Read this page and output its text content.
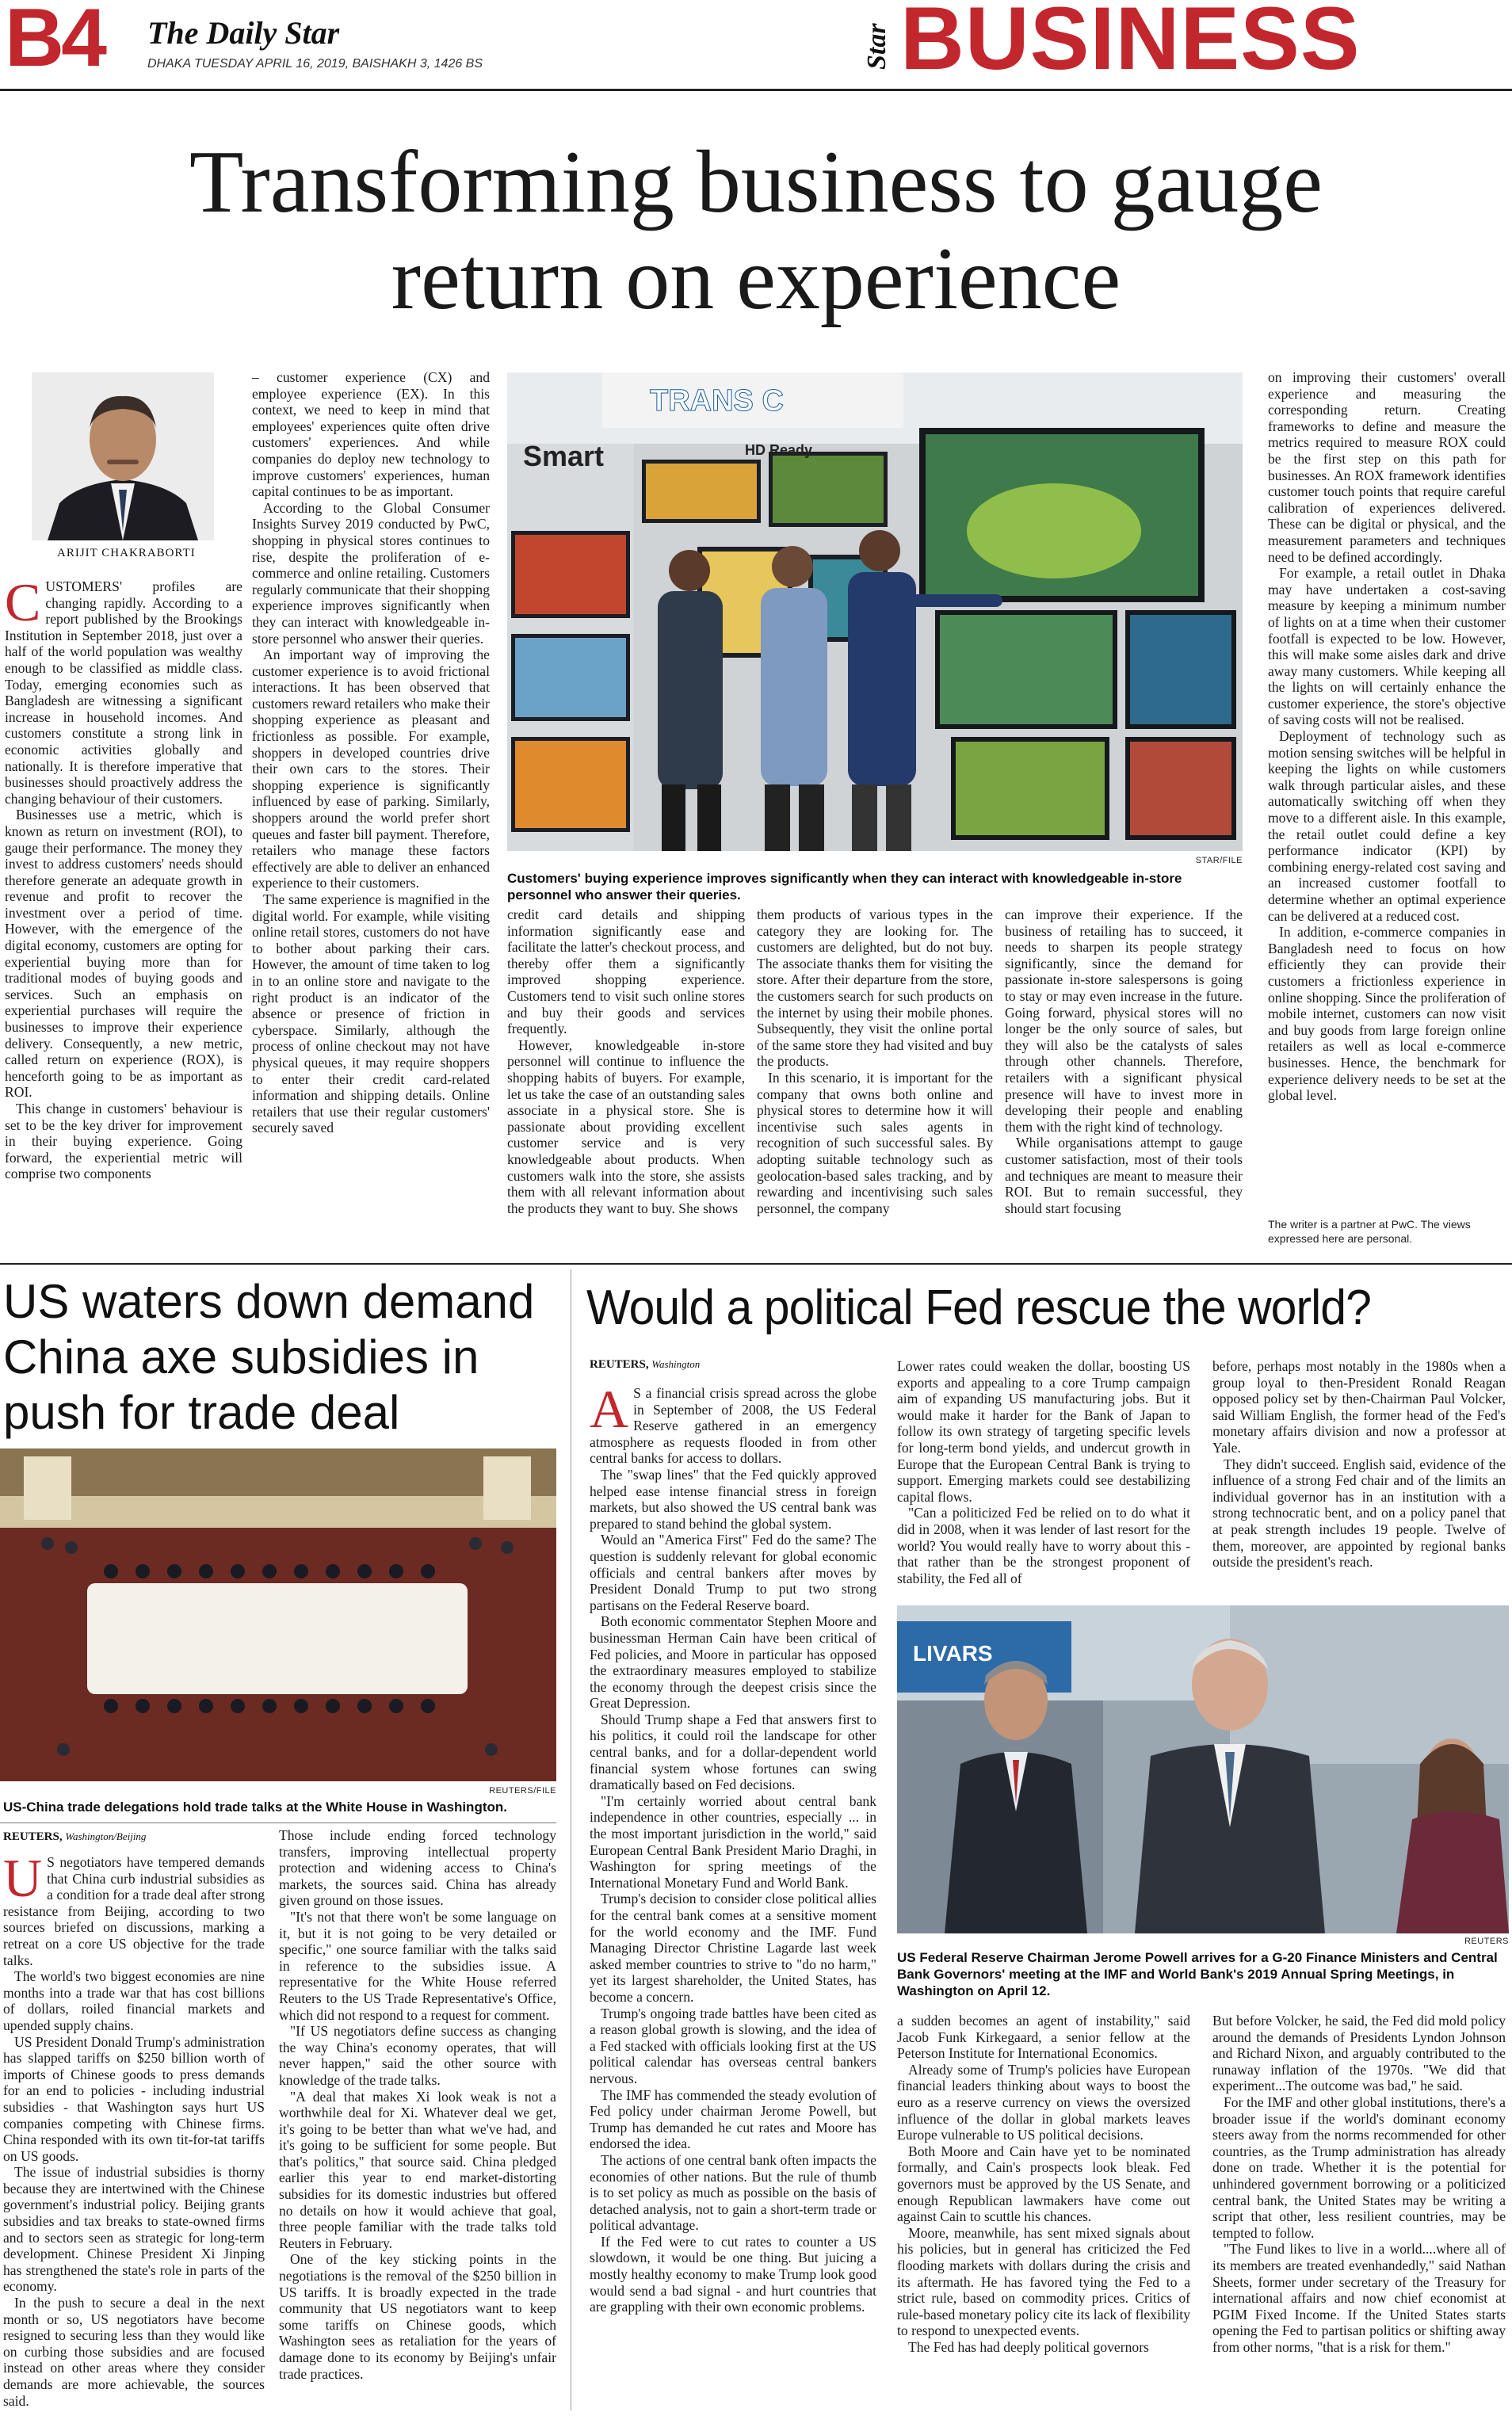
B4 The Daily Star
DHAKA TUESDAY APRIL 16, 2019, BAISHAKH 3, 1426 BS	Star BUSINESS
Transforming business to gauge
return on experience
ARIJIT CHAKRABORTI

CUSTOMERS' profiles are changing rapidly. According to a report published by the Brookings Institution in September 2018, just over a half of the world population was wealthy enough to be classified as middle class. Today, emerging economies such as Bangladesh are witnessing a significant increase in household incomes. And customers constitute a strong link in economic activities globally and nationally. It is therefore imperative that businesses should proactively address the changing behaviour of their customers.

Businesses use a metric, which is known as return on investment (ROI), to gauge their performance. The money they invest to address customers' needs should therefore generate an adequate growth in revenue and profit to recover the investment over a period of time. However, with the emergence of the digital economy, customers are opting for experiential buying more than for traditional modes of buying goods and services. Such an emphasis on experiential purchases will require the businesses to improve their experience delivery. Consequently, a new metric, called return on experience (ROX), is henceforth going to be as important as ROI.

This change in customers' behaviour is set to be the key driver for improvement in their buying experience. Going forward, the experiential metric will comprise two components

– customer experience (CX) and employee experience (EX). In this context, we need to keep in mind that employees' experiences quite often drive customers' experiences. And while companies do deploy new technology to improve customers' experiences, human capital continues to be as important.

According to the Global Consumer Insights Survey 2019 conducted by PwC, shopping in physical stores continues to rise, despite the proliferation of e-commerce and online retailing. Customers regularly communicate that their shopping experience improves significantly when they can interact with knowledgeable in-store personnel who answer their queries.

An important way of improving the customer experience is to avoid frictional interactions. It has been observed that customers reward retailers who make their shopping experience as pleasant and frictionless as possible. For example, shoppers in developed countries drive their own cars to the stores. Their shopping experience is significantly influenced by ease of parking. Similarly, shoppers around the world prefer short queues and faster bill payment. Therefore, retailers who manage these factors effectively are able to deliver an enhanced experience to their customers.

The same experience is magnified in the digital world. For example, while visiting online retail stores, customers do not have to bother about parking their cars. However, the amount of time taken to log in to an online store and navigate to the right product is an indicator of the absence or presence of friction in cyberspace. Similarly, although the process of online checkout may not have physical queues, it may require shoppers to enter their credit card-related information and shipping details. Online retailers that use their regular customers' securely saved

Smart
TRANS C
HD Ready
STAR/FILE
Customers' buying experience improves significantly when they can interact with knowledgeable in-store personnel who answer their queries.

credit card details and shipping information significantly ease and facilitate the latter's checkout process, and thereby offer them a significantly improved shopping experience. Customers tend to visit such online stores and buy their goods and services frequently.

However, knowledgeable in-store personnel will continue to influence the shopping habits of buyers. For example, let us take the case of an outstanding sales associate in a physical store. She is passionate about providing excellent customer service and is very knowledgeable about products. When customers walk into the store, she assists them with all relevant information about the products they want to buy. She shows

them products of various types in the category they are looking for. The customers are delighted, but do not buy. The associate thanks them for visiting the store. After their departure from the store, the customers search for such products on the internet by using their mobile phones. Subsequently, they visit the online portal of the same store they had visited and buy the products.

In this scenario, it is important for the company that owns both online and physical stores to determine how it will incentivise such sales agents in recognition of such successful sales. By adopting suitable technology such as geolocation-based sales tracking, and by rewarding and incentivising such sales personnel, the company

can improve their experience. If the business of retailing has to succeed, it needs to sharpen its people strategy significantly, since the demand for passionate in-store salespersons is going to stay or may even increase in the future. Going forward, physical stores will no longer be the only source of sales, but they will also be the catalysts of sales through other channels. Therefore, retailers with a significant physical presence will have to invest more in developing their people and enabling them with the right kind of technology.

While organisations attempt to gauge customer satisfaction, most of their tools and techniques are meant to measure their ROI. But to remain successful, they should start focusing

on improving their customers' overall experience and measuring the corresponding return. Creating frameworks to define and measure the metrics required to measure ROX could be the first step on this path for businesses. An ROX framework identifies customer touch points that require careful calibration of experiences delivered. These can be digital or physical, and the measurement parameters and techniques need to be defined accordingly.

For example, a retail outlet in Dhaka may have undertaken a cost-saving measure by keeping a minimum number of lights on at a time when their customer footfall is expected to be low. However, this will make some aisles dark and drive away many customers. While keeping all the lights on will certainly enhance the customer experience, the store's objective of saving costs will not be realised.

Deployment of technology such as motion sensing switches will be helpful in keeping the lights on while customers walk through particular aisles, and these automatically switching off when they move to a different aisle. In this example, the retail outlet could define a key performance indicator (KPI) by combining energy-related cost saving and an increased customer footfall to determine whether an optimal experience can be delivered at a reduced cost.

In addition, e-commerce companies in Bangladesh need to focus on how efficiently they can provide their customers a frictionless experience in online shopping. Since the proliferation of mobile internet, customers can now visit and buy goods from large foreign online retailers as well as local e-commerce businesses. Hence, the benchmark for experience delivery needs to be set at the global level.

The writer is a partner at PwC. The views expressed here are personal.
US waters down demand China axe subsidies in push for trade deal
REUTERS/FILE
US-China trade delegations hold trade talks at the White House in Washington.
REUTERS, Washington/Beijing

U S negotiators have tempered demands that China curb industrial subsidies as a condition for a trade deal after strong resistance from Beijing, according to two sources briefed on discussions, marking a retreat on a core US objective for the trade talks.

The world's two biggest economies are nine months into a trade war that has cost billions of dollars, roiled financial markets and upended supply chains.

US President Donald Trump's administration has slapped tariffs on $250 billion worth of imports of Chinese goods to press demands for an end to policies - including industrial subsidies - that Washington says hurt US companies competing with Chinese firms. China responded with its own tit-for-tat tariffs on US goods.

The issue of industrial subsidies is thorny because they are intertwined with the Chinese government's industrial policy. Beijing grants subsidies and tax breaks to state-owned firms and to sectors seen as strategic for long-term development. Chinese President Xi Jinping has strengthened the state's role in parts of the economy.

In the push to secure a deal in the next month or so, US negotiators have become resigned to securing less than they would like on curbing those subsidies and are focused instead on other areas where they consider demands are more achievable, the sources said.

Those include ending forced technology transfers, improving intellectual property protection and widening access to China's markets, the sources said. China has already given ground on those issues.

"It's not that there won't be some language on it, but it is not going to be very detailed or specific," one source familiar with the talks said in reference to the subsidies issue. A representative for the White House referred Reuters to the US Trade Representative's Office, which did not respond to a request for comment.

"If US negotiators define success as changing the way China's economy operates, that will never happen," said the other source with knowledge of the trade talks.

"A deal that makes Xi look weak is not a worthwhile deal for Xi. Whatever deal we get, it's going to be better than what we've had, and it's going to be sufficient for some people. But that's politics," that source said. China pledged earlier this year to end market-distorting subsidies for its domestic industries but offered no details on how it would achieve that goal, three people familiar with the trade talks told Reuters in February.

One of the key sticking points in the negotiations is the removal of the $250 billion in US tariffs. It is broadly expected in the trade community that US negotiators want to keep some tariffs on Chinese goods, which Washington sees as retaliation for the years of damage done to its economy by Beijing's unfair trade practices.

Would a political Fed rescue the world?
REUTERS, Washington

A S a financial crisis spread across the globe in September of 2008, the US Federal Reserve gathered in an emergency atmosphere as requests flooded in from other central banks for access to dollars.

The "swap lines" that the Fed quickly approved helped ease intense financial stress in foreign markets, but also showed the US central bank was prepared to stand behind the global system.

Would an "America First" Fed do the same? The question is suddenly relevant for global economic officials and central bankers after moves by President Donald Trump to put two strong partisans on the Federal Reserve board.

Both economic commentator Stephen Moore and businessman Herman Cain have been critical of Fed policies, and Moore in particular has opposed the extraordinary measures employed to stabilize the economy through the deepest crisis since the Great Depression.

Should Trump shape a Fed that answers first to his politics, it could roil the landscape for other central banks, and for a dollar-dependent world financial system whose fortunes can swing dramatically based on Fed decisions.

"I'm certainly worried about central bank independence in other countries, especially ... in the most important jurisdiction in the world," said European Central Bank President Mario Draghi, in Washington for spring meetings of the International Monetary Fund and World Bank.

Trump's decision to consider close political allies for the central bank comes at a sensitive moment for the world economy and the IMF. Fund Managing Director Christine Lagarde last week asked member countries to strive to "do no harm," yet its largest shareholder, the United States, has become a concern.

Trump's ongoing trade battles have been cited as a reason global growth is slowing, and the idea of a Fed stacked with officials looking first at the US political calendar has overseas central bankers nervous.

The IMF has commended the steady evolution of Fed policy under chairman Jerome Powell, but Trump has demanded he cut rates and Moore has endorsed the idea.

The actions of one central bank often impacts the economies of other nations. But the rule of thumb is to set policy as much as possible on the basis of detached analysis, not to gain a short-term trade or political advantage.

If the Fed were to cut rates to counter a US slowdown, it would be one thing. But juicing a mostly healthy economy to make Trump look good would send a bad signal - and hurt countries that are grappling with their own economic problems.

Lower rates could weaken the dollar, boosting US exports and appealing to a core Trump campaign aim of expanding US manufacturing jobs. But it would make it harder for the Bank of Japan to follow its own strategy of targeting specific levels for long-term bond yields, and undercut growth in Europe that the European Central Bank is trying to support. Emerging markets could see destabilizing capital flows.

"Can a politicized Fed be relied on to do what it did in 2008, when it was lender of last resort for the world? You would really have to worry about this - that rather than be the strongest proponent of stability, the Fed all of

before, perhaps most notably in the 1980s when a group loyal to then-President Ronald Reagan opposed policy set by then-Chairman Paul Volcker, said William English, the former head of the Fed's monetary affairs division and now a professor at Yale.

They didn't succeed. English said, evidence of the influence of a strong Fed chair and of the limits an individual governor has in an institution with a strong technocratic bent, and on a policy panel that at peak strength includes 19 people. Twelve of them, moreover, are appointed by regional banks outside the president's reach.

LIVARS
REUTERS
US Federal Reserve Chairman Jerome Powell arrives for a G-20 Finance Ministers and Central Bank Governors' meeting at the IMF and World Bank's 2019 Annual Spring Meetings, in Washington on April 12.

a sudden becomes an agent of instability," said Jacob Funk Kirkegaard, a senior fellow at the Peterson Institute for International Economics.

Already some of Trump's policies have European financial leaders thinking about ways to boost the euro as a reserve currency on views the oversized influence of the dollar in global markets leaves Europe vulnerable to US political decisions.

Both Moore and Cain have yet to be nominated formally, and Cain's prospects look bleak. Fed governors must be approved by the US Senate, and enough Republican lawmakers have come out against Cain to scuttle his chances.

Moore, meanwhile, has sent mixed signals about his policies, but in general has criticized the Fed flooding markets with dollars during the crisis and its aftermath. He has favored tying the Fed to a strict rule, based on commodity prices. Critics of rule-based monetary policy cite its lack of flexibility to respond to unexpected events.

The Fed has had deeply political governors

But before Volcker, he said, the Fed did mold policy around the demands of Presidents Lyndon Johnson and Richard Nixon, and arguably contributed to the runaway inflation of the 1970s. "We did that experiment...The outcome was bad," he said.

For the IMF and other global institutions, there's a broader issue if the world's dominant economy steers away from the norms recommended for other countries, as the Trump administration has already done on trade. Whether it is the potential for unhindered government borrowing or a politicized central bank, the United States may be writing a script that other, less resilient countries, may be tempted to follow.

"The Fund likes to live in a world....where all of its members are treated evenhandedly," said Nathan Sheets, former under secretary of the Treasury for international affairs and now chief economist at PGIM Fixed Income. If the United States starts opening the Fed to partisan politics or shifting away from other norms, "that is a risk for them."
